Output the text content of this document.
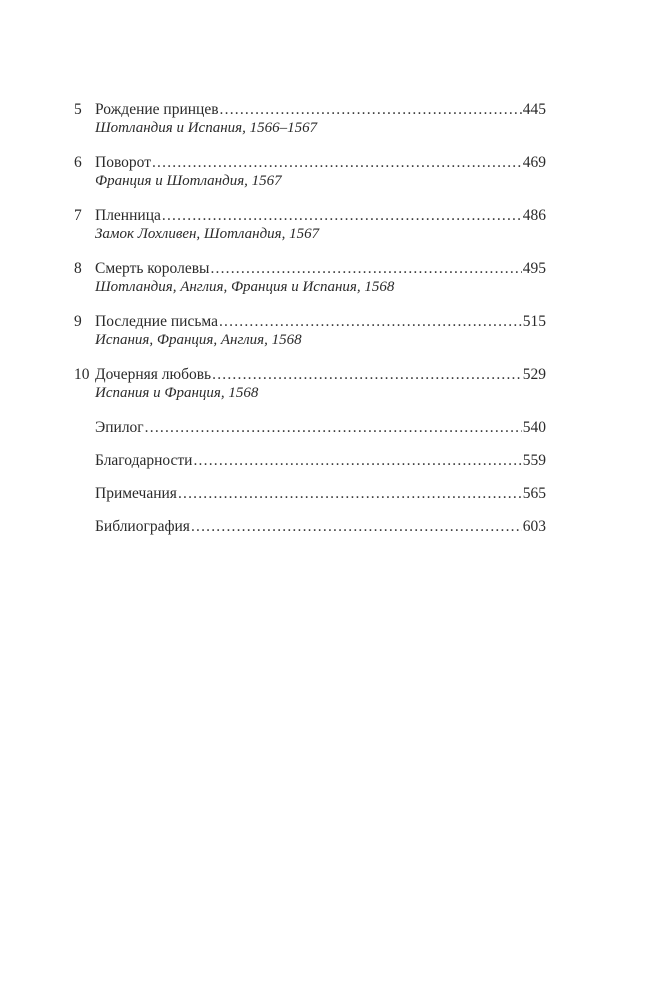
5 Рождение принцев .....	445
Шотландия и Испания, 1566–1567
6 Поворот .....	469
Франция и Шотландия, 1567
7 Пленница .....	486
Замок Лохливен, Шотландия, 1567
8 Смерть королевы .....	495
Шотландия, Англия, Франция и Испания, 1568
9 Последние письма .....	515
Испания, Франция, Англия, 1568
10 Дочерняя любовь .....	529
Испания и Франция, 1568
Эпилог .....	540
Благодарности .....	559
Примечания .....	565
Библиография .....	603
